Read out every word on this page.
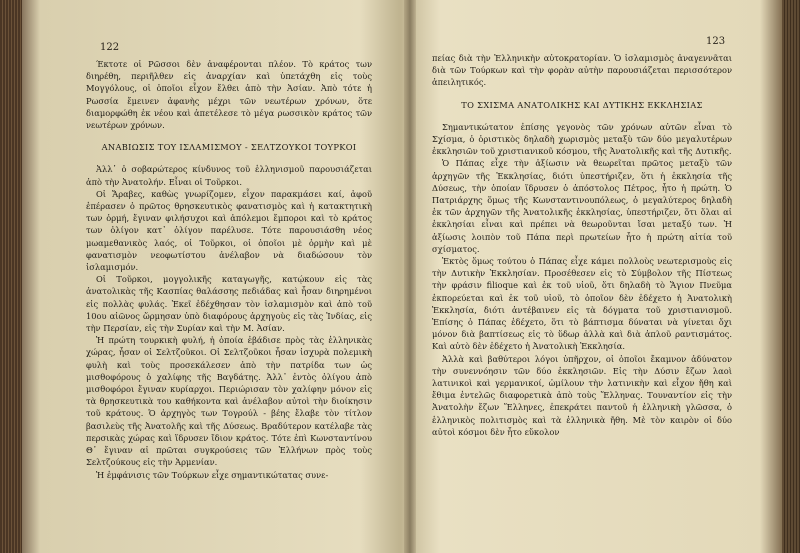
122

Έκτοτε οἱ Ρῶσσοι δὲν ἀναφέρονται πλέον. Τὸ κράτος των διηρέθη, περιῆλθεν εἰς ἀναρχίαν καὶ ὑπετάχθη εἰς τοὺς Μογγόλους, οἱ ὁποῖοι εἶχον ἔλθει ἀπὸ τὴν Ἀσίαν. Ἀπὸ τότε ἡ Ρωσσία ἔμεινεν ἀφανὴς μέχρι τῶν νεωτέρων χρόνων, ὅτε διαμορφώθη ἐκ νέου καὶ ἀπετέλεσε τὸ μέγα ρωσσικὸν κράτος τῶν νεωτέρων χρόνων.

ΑΝΑΒΙΩΣΙΣ ΤΟΥ ΙΣΛΑΜΙΣΜΟΥ - ΣΕΛΤΖΟΥΚΟΙ ΤΟΥΡΚΟΙ

Ἀλλ᾽ ὁ σοβαρώτερος κίνδυνος τοῦ ἑλληνισμοῦ παρουσιάζεται ἀπὸ τὴν Ἀνατολήν. Εἶναι οἱ Τοῦρκοι.

Οἱ Ἄραβες, καθὼς γνωρίζομεν, εἶχον παρακμάσει καί, ἀφοῦ ἐπέρασεν ὁ πρῶτος θρησκευτικὸς φανατισμὸς καὶ ἡ κατακτητικὴ των ὁρμή, ἔγιναν φιλήσυχοι καὶ ἀπόλεμοι ἔμποροι καὶ τὸ κράτος των ὀλίγον κατ᾽ ὀλίγον παρέλυσε. Τότε παρουσιάσθη νέος μωαμεθανικὸς λαός, οἱ Τοῦρκοι, οἱ ὁποῖοι μὲ ὁρμὴν καὶ μὲ φανατισμὸν νεοφωτίστου ἀνέλαβον νὰ διαδώσουν τὸν ἰσλαμισμόν.

Οἱ Τοῦρκοι, μογγολικῆς καταγωγῆς, κατῴκουν εἰς τὰς ἀνατολικὰς τῆς Κασπίας θαλάσσης πεδιάδας καὶ ἦσαν διηρημένοι εἰς πολλὰς φυλάς. Ἐκεῖ ἐδέχθησαν τὸν ἰσλαμισμὸν καὶ ἀπὸ τοῦ 10ου αἰῶνος ὥρμησαν ὑπὸ διαφόρους ἀρχηγοὺς εἰς τὰς Ἰνδίας, εἰς τὴν Περσίαν, εἰς τὴν Συρίαν καὶ τὴν Μ. Ἀσίαν.

Ἡ πρώτη τουρκικὴ φυλή, ἡ ὁποία ἐβάδισε πρὸς τὰς ἑλληνικὰς χώρας, ἦσαν οἱ Σελτζοῦκοι. Οἱ Σελτζοῦκοι ἦσαν ἰσχυρὰ πολεμικὴ φυλὴ καὶ τοὺς προσεκάλεσεν ἀπὸ τὴν πατρίδα των ὡς μισθοφόρους ὁ χαλίφης τῆς Βαγδάτης. Ἀλλ᾽ ἐντὸς ὀλίγου ἀπὸ μισθοφόροι ἔγιναν κυρίαρχοι. Περιώρισαν τὸν χαλίφην μόνον εἰς τὰ θρησκευτικὰ του καθήκοντα καὶ ἀνέλαβον αὐτοὶ τὴν διοίκησιν τοῦ κράτους. Ὁ ἀρχηγὸς των Τογρούλ - βέης ἔλαβε τὸν τίτλον βασιλεὺς τῆς Ἀνατολῆς καὶ τῆς Δύσεως. Βραδύτερον κατέλαβε τὰς περσικὰς χώρας καὶ ἵδρυσεν ἴδιον κράτος. Τότε ἐπὶ Κωνσταντίνου Θ᾽ ἔγιναν αἱ πρῶται συγκρούσεις τῶν Ἑλλήνων πρὸς τοὺς Σελτζούκους εἰς τὴν Ἀρμενίαν.

Ἡ ἐμφάνισις τῶν Τούρκων εἶχε σημαντικώτατας συνε-

123

πείας διὰ τὴν Ἑλληνικὴν αὐτοκρατορίαν. Ὁ ἰσλαμισμὸς ἀναγεννᾶται διὰ τῶν Τούρκων καὶ τὴν φορὰν αὐτὴν παρουσιάζεται περισσότερον ἀπειλητικός.

ΤΟ ΣΧΙΣΜΑ ΑΝΑΤΟΛΙΚΗΣ ΚΑΙ ΔΥΤΙΚΗΣ ΕΚΚΛΗΣΙΑΣ

Σημαντικώτατον ἐπίσης γεγονὸς τῶν χρόνων αὐτῶν εἶναι τὸ Σχίσμα, ὁ ὁριστικὸς δηλαδὴ χωρισμὸς μεταξὺ τῶν δύο μεγαλυτέρων ἐκκλησιῶν τοῦ χριστιανικοῦ κόσμου, τῆς Ἀνατολικῆς καὶ τῆς Δυτικῆς.

Ὁ Πάπας εἶχε τὴν ἀξίωσιν νὰ θεωρεῖται πρῶτος μεταξὺ τῶν ἀρχηγῶν τῆς Ἐκκλησίας, διότι ὑπεστήριζεν, ὅτι ἡ ἐκκλησία τῆς Δύσεως, τὴν ὁποίαν ἵδρυσεν ὁ ἀπόστολος Πέτρος, ἦτο ἡ πρώτη. Ὁ Πατριάρχης ὅμως τῆς Κωνσταντινουπόλεως, ὁ μεγαλύτερος δηλαδὴ ἐκ τῶν ἀρχηγῶν τῆς Ἀνατολικῆς ἐκκλησίας, ὑπεστήριζεν, ὅτι ὅλαι αἱ ἐκκλησίαι εἶναι καὶ πρέπει νὰ θεωροῦνται ἴσαι μεταξύ των. Ἡ ἀξίωσις λοιπὸν τοῦ Πάπα περὶ πρωτείων ἦτο ἡ πρώτη αἰτία τοῦ σχίσματος.

Ἐκτὸς ὅμως τούτου ὁ Πάπας εἶχε κάμει πολλοὺς νεωτερισμοὺς εἰς τὴν Δυτικὴν Ἐκκλησίαν. Προσέθεσεν εἰς τὸ Σύμβολον τῆς Πίστεως τὴν φράσιν filioque καὶ ἐκ τοῦ υἱοῦ, ὅτι δηλαδὴ τὸ Ἅγιον Πνεῦμα ἐκπορεύεται καὶ ἐκ τοῦ υἱοῦ, τὸ ὁποῖον δὲν ἐδέχετο ἡ Ἀνατολικὴ Ἐκκλησία, διότι ἀντέβαινεν εἰς τὰ δόγματα τοῦ χριστιανισμοῦ. Ἐπίσης ὁ Πάπας ἐδέχετο, ὅτι τὸ βάπτισμα δύναται νὰ γίνεται ὄχι μόνον διὰ βαπτίσεως εἰς τὸ ὕδωρ ἀλλὰ καὶ διὰ ἁπλοῦ ραντισμάτος. Καὶ αὐτὸ δὲν ἐδέχετο ἡ Ἀνατολικὴ Ἐκκλησία.

Ἀλλὰ καὶ βαθύτεροι λόγοι ὑπῆρχον, οἱ ὁποῖοι ἔκαμνον ἀδύνατον τὴν συνεννόησιν τῶν δύο ἐκκλησιῶν. Εἰς τὴν Δύσιν ἔζων λαοὶ λατινικοὶ καὶ γερμανικοί, ὡμίλουν τὴν λατινικὴν καὶ εἶχον ἤθη καὶ ἔθιμα ἐντελῶς διαφορετικὰ ἀπὸ τοὺς Ἕλληνας. Τουναντίον εἰς τὴν Ἀνατολὴν ἔζων Ἕλληνες, ἐπεκράτει παντοῦ ἡ ἑλληνικὴ γλῶσσα, ὁ ἑλληνικὸς πολιτισμὸς καὶ τὰ ἑλληνικὰ ἤθη. Μὲ τὸν καιρὸν οἱ δύο αὐτοὶ κόσμοι δὲν ἦτο εὔκολον
